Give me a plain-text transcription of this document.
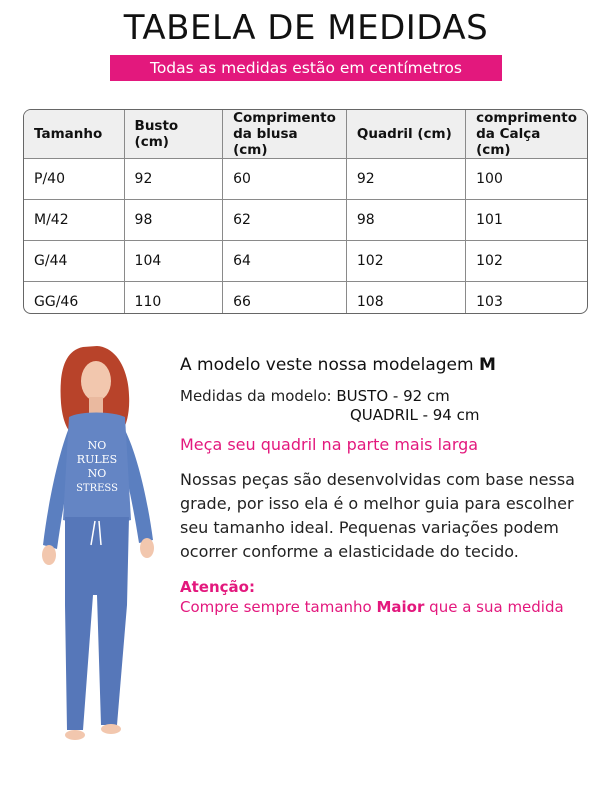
TABELA DE MEDIDAS
Todas as medidas estão em centímetros
Tamanho	Busto (cm)	Comprimento da blusa (cm)	Quadril (cm)	comprimento da Calça (cm)
P/40	92	60	92	100
M/42	98	62	98	101
G/44	104	64	102	102
GG/46	110	66	108	103
NO
RULES
NO
STRESS

A modelo veste nossa modelagem M

Medidas da modelo: BUSTO - 92 cm
QUADRIL - 94 cm
Meça seu quadril na parte mais larga
Nossas peças são desenvolvidas com base nessa grade, por isso ela é o melhor guia para escolher seu tamanho ideal. Pequenas variações podem ocorrer conforme a elasticidade do tecido.
Atenção:
Compre sempre tamanho Maior que a sua medida
